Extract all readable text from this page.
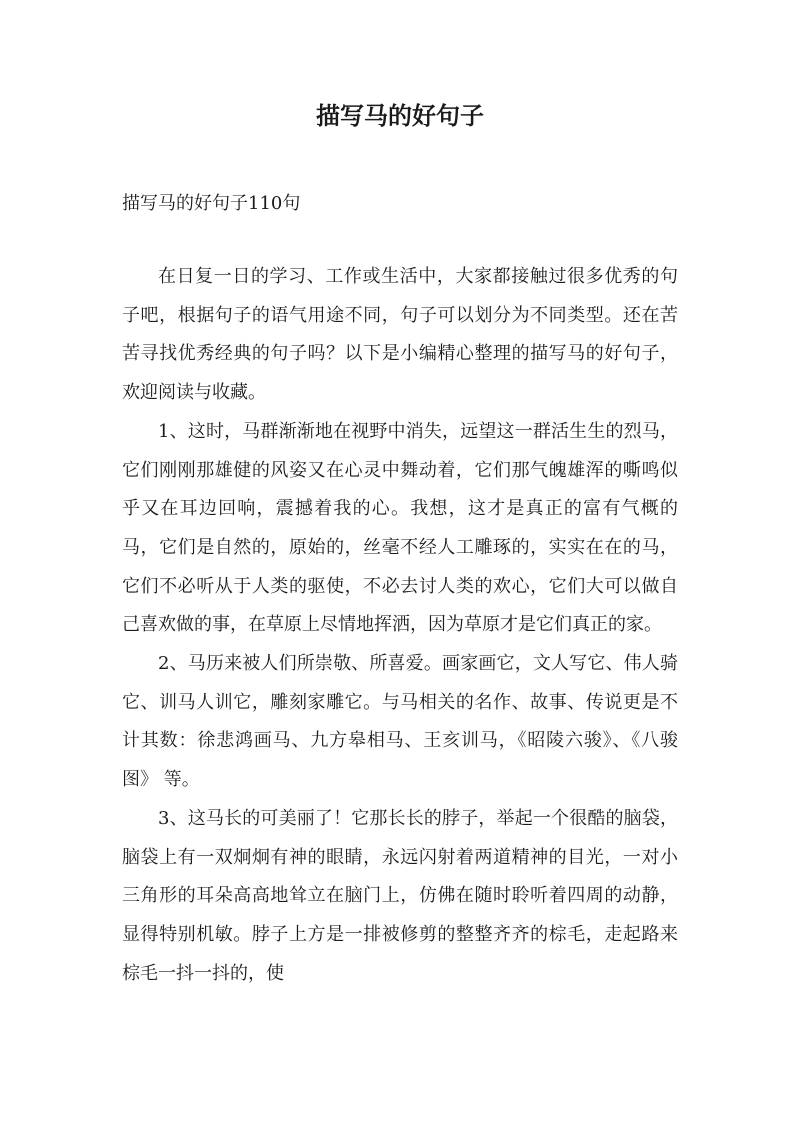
描写马的好句子

描写马的好句子110句

在日复一日的学习、工作或生活中，大家都接触过很多优秀的句子吧，根据句子的语气用途不同，句子可以划分为不同类型。还在苦苦寻找优秀经典的句子吗？以下是小编精心整理的描写马的好句子，欢迎阅读与收藏。

1、这时，马群渐渐地在视野中消失，远望这一群活生生的烈马，它们刚刚那雄健的风姿又在心灵中舞动着，它们那气魄雄浑的嘶鸣似乎又在耳边回响，震撼着我的心。我想，这才是真正的富有气概的马，它们是自然的，原始的，丝毫不经人工雕琢的，实实在在的马，它们不必听从于人类的驱使，不必去讨人类的欢心，它们大可以做自己喜欢做的事，在草原上尽情地挥洒，因为草原才是它们真正的家。

2、马历来被人们所崇敬、所喜爱。画家画它，文人写它、伟人骑它、训马人训它，雕刻家雕它。与马相关的名作、故事、传说更是不计其数：徐悲鸿画马、九方皋相马、王亥训马，《昭陵六骏》、《八骏图》 等。

3、这马长的可美丽了！它那长长的脖子，举起一个很酷的脑袋，脑袋上有一双炯炯有神的眼睛，永远闪射着两道精神的目光，一对小三角形的耳朵高高地耸立在脑门上，仿佛在随时聆听着四周的动静，显得特别机敏。脖子上方是一排被修剪的整整齐齐的棕毛，走起路来棕毛一抖一抖的，使
